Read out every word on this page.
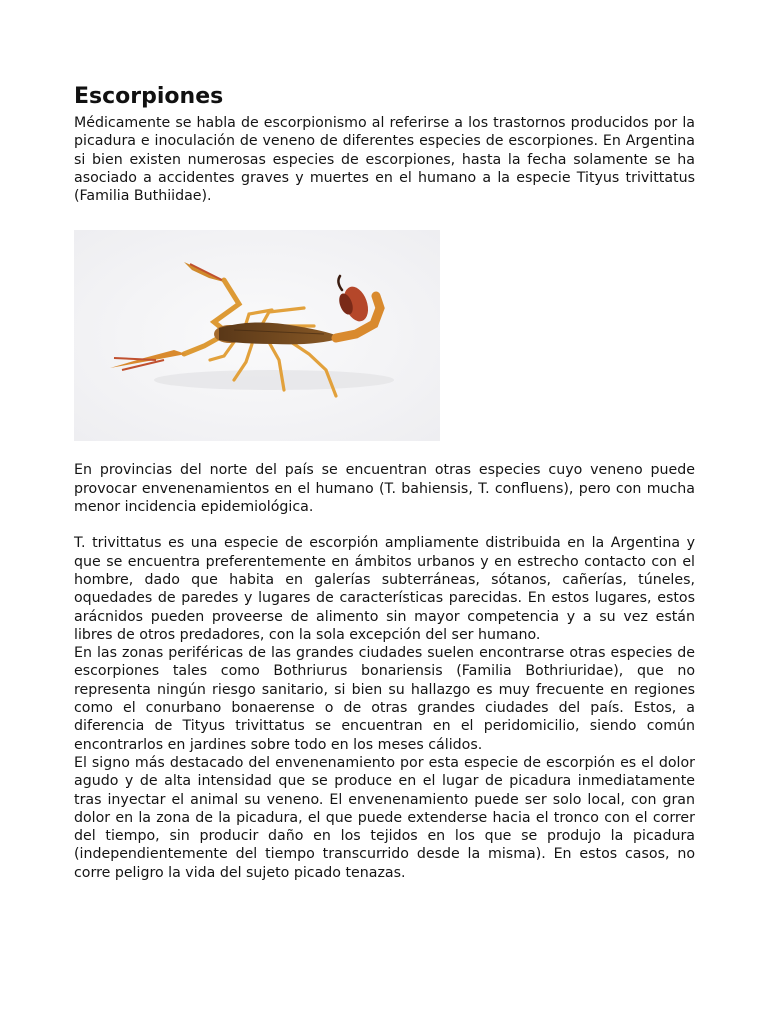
Escorpiones

Médicamente se habla de escorpionismo al referirse a los trastornos producidos por la picadura e inoculación de veneno de diferentes especies de escorpiones. En Argentina si bien existen numerosas especies de escorpiones, hasta la fecha solamente se ha asociado a accidentes graves y muertes en el humano a la especie Tityus trivittatus (Familia Buthiidae).

En provincias del norte del país se encuentran otras especies cuyo veneno puede provocar envenenamientos en el humano (T. bahiensis, T. confluens), pero con mucha menor incidencia epidemiológica.

T. trivittatus es una especie de escorpión ampliamente distribuida en la Argentina y que se encuentra preferentemente en ámbitos urbanos y en estrecho contacto con el hombre, dado que habita en galerías subterráneas, sótanos, cañerías, túneles, oquedades de paredes y lugares de características parecidas. En estos lugares, estos arácnidos pueden proveerse de alimento sin mayor competencia y a su vez están libres de otros predadores, con la sola excepción del ser humano.

En las zonas periféricas de las grandes ciudades suelen encontrarse otras especies de escorpiones tales como Bothriurus bonariensis (Familia Bothriuridae), que no representa ningún riesgo sanitario, si bien su hallazgo es muy frecuente en regiones como el conurbano bonaerense o de otras grandes ciudades del país. Estos, a diferencia de Tityus trivittatus se encuentran en el peridomicilio, siendo común encontrarlos en jardines sobre todo en los meses cálidos.

El signo más destacado del envenenamiento por esta especie de escorpión es el dolor agudo y de alta intensidad que se produce en el lugar de picadura inmediatamente tras inyectar el animal su veneno. El envenenamiento puede ser solo local, con gran dolor en la zona de la picadura, el que puede extenderse hacia el tronco con el correr del tiempo, sin producir daño en los tejidos en los que se produjo la picadura (independientemente del tiempo transcurrido desde la misma). En estos casos, no corre peligro la vida del sujeto picado tenazas.
